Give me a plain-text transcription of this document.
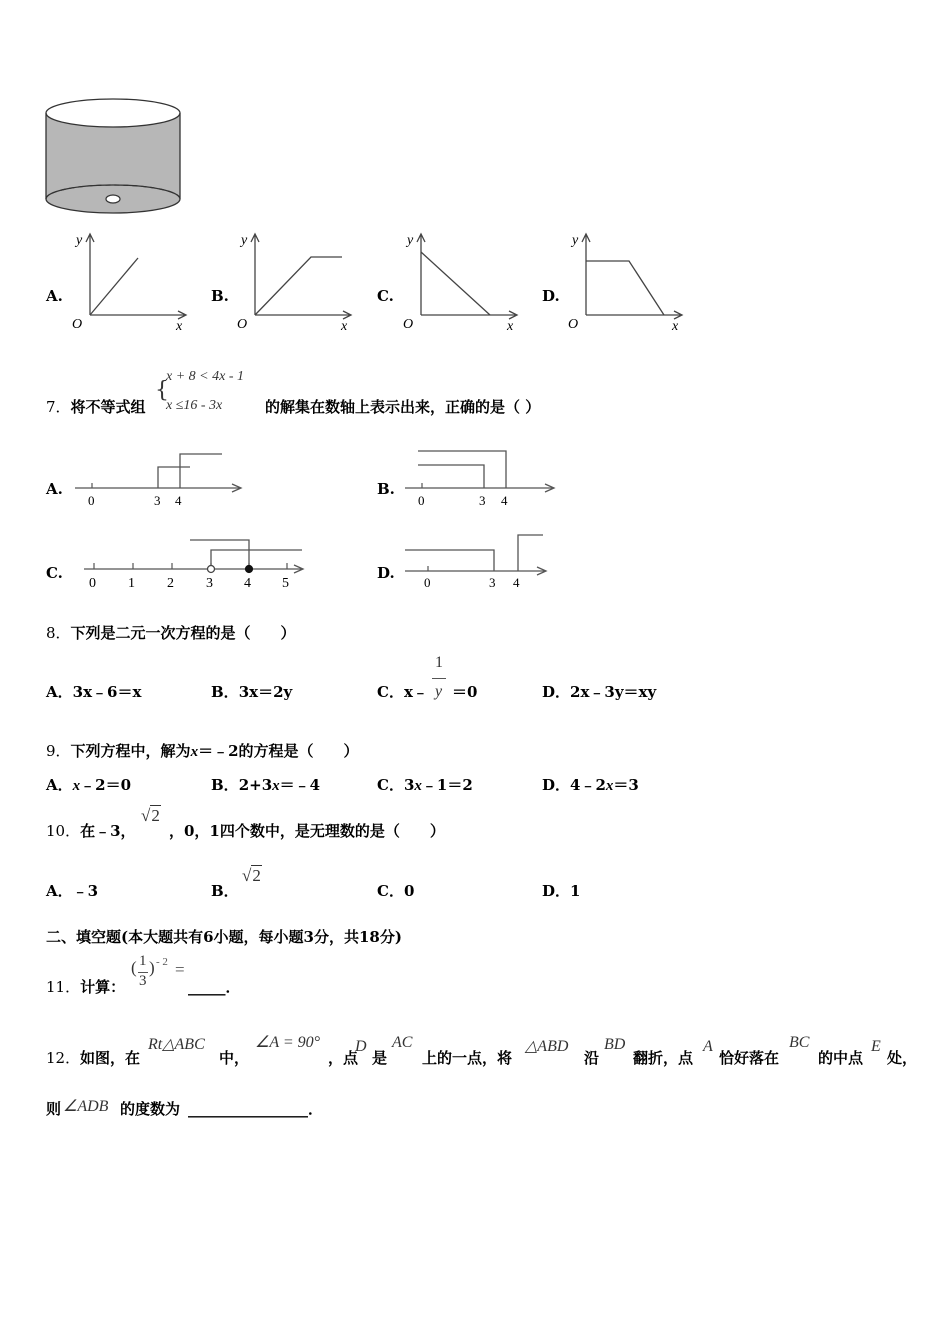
A.
y
O	x
B.
y
O	x
C.
y
O	x
D.
y
O	x
7．将不等式组
{
x + 8 < 4x - 1
x ≤16 - 3x	的解集在数轴上表示出来，正确的是（ ）
A.
0	3 4
B.
0	3 4
C.
0 1 2 3 4 5
D.
0	3 4
8．下列是二元一次方程的是（　　）
A．3x﹣6＝x	B．3x＝2y	C．x﹣
1
y ＝0	D．2x﹣3y＝xy
9．下列方程中，解为x＝﹣2的方程是（　　）
A．x﹣2＝0	B．2+3x＝﹣4	C．3x﹣1＝2	D．4﹣2x＝3
10．在﹣3，
√2
，0，1四个数中，是无理数的是（　　）
A．﹣3	B．
√2
C．0	D．1
二、填空题(本大题共有6小题，每小题3分，共18分)
11．计算：
( 1
3
) - 2 =
_____．
12． 如图，在
Rt△ABC
中，
∠A = 90°
，点
D
是
AC
上的一点，将
△ABD
沿
BD
翻折，点
A
恰好落在
BC
的中点
E
处，
则 ∠ADB 的度数为 ________________．
